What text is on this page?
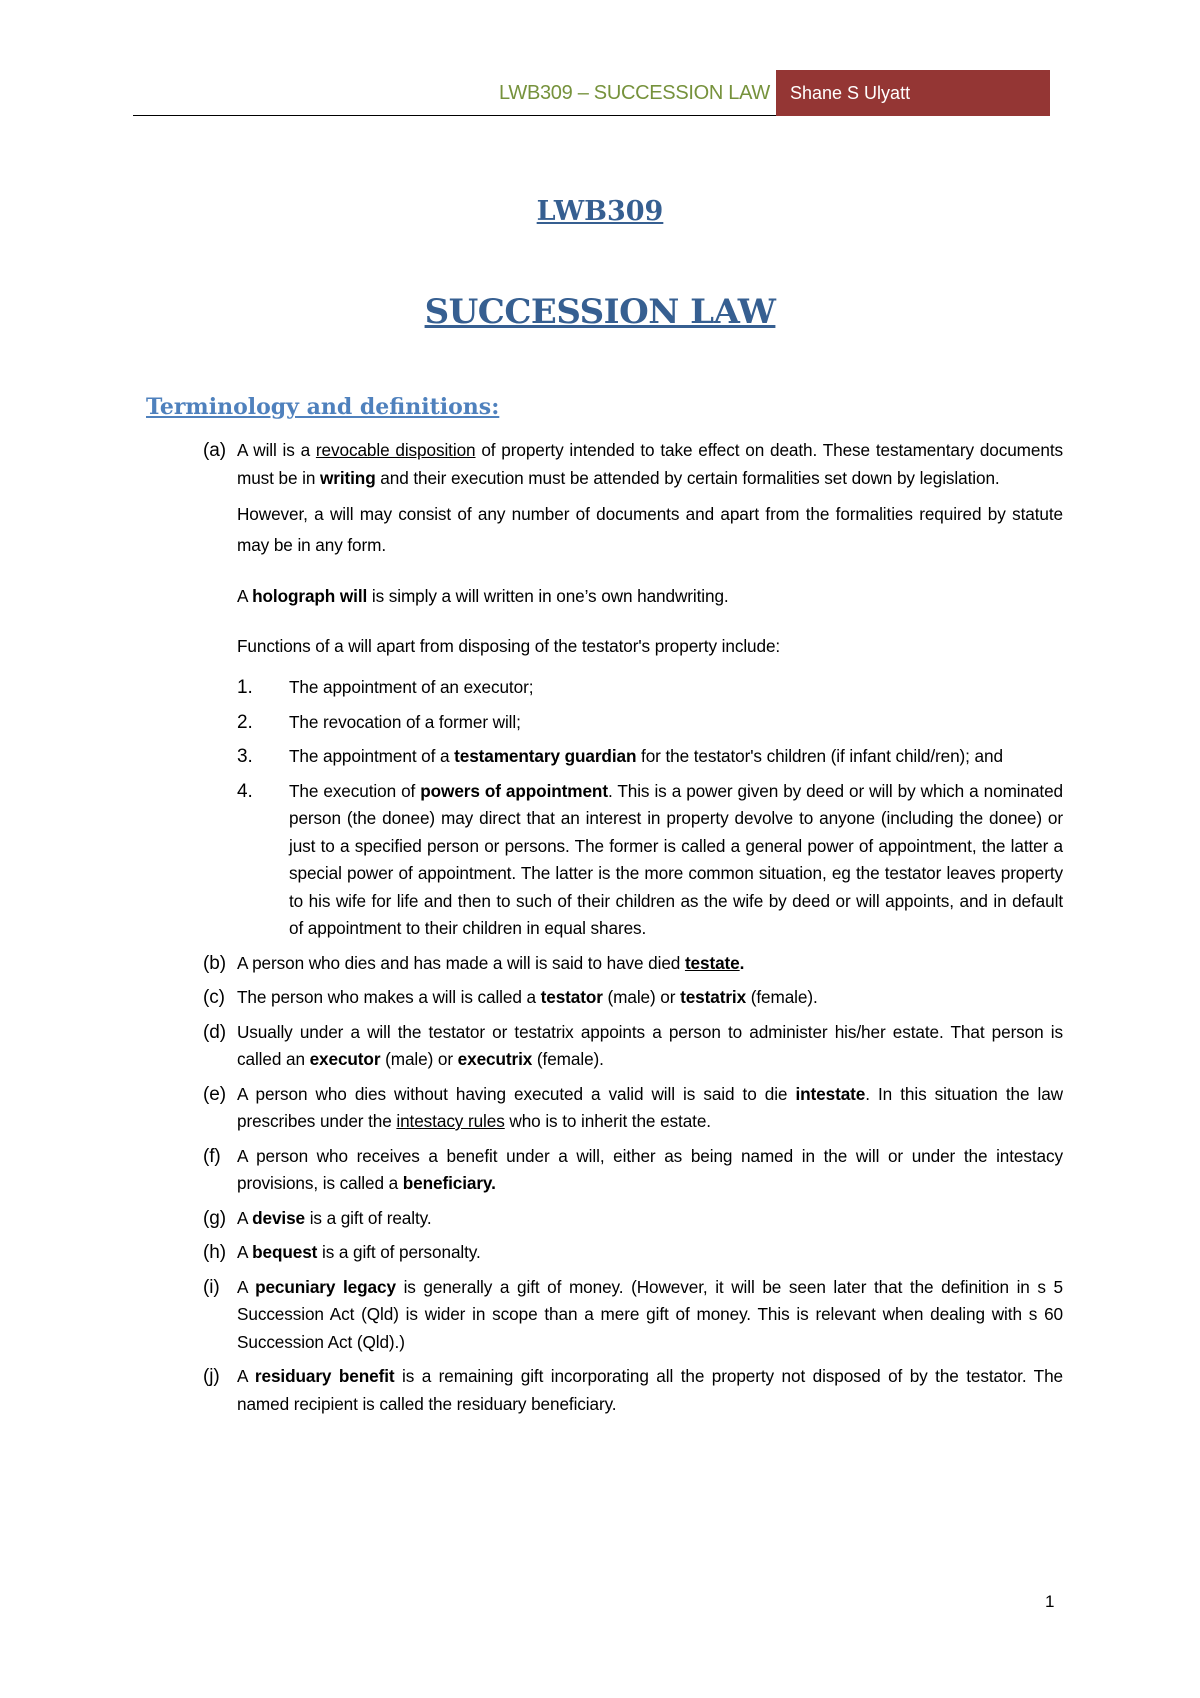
LWB309 – SUCCESSION LAW	Shane S Ulyatt
LWB309
SUCCESSION LAW
Terminology and definitions:
(a) A will is a revocable disposition of property intended to take effect on death. These testamentary documents must be in writing and their execution must be attended by certain formalities set down by legislation.
However, a will may consist of any number of documents and apart from the formalities required by statute may be in any form.
A holograph will is simply a will written in one’s own handwriting.
Functions of a will apart from disposing of the testator's property include:
1.	The appointment of an executor;
2.	The revocation of a former will;
3.	The appointment of a testamentary guardian for the testator's children (if infant child/ren); and
4.	The execution of powers of appointment. This is a power given by deed or will by which a nominated person (the donee) may direct that an interest in property devolve to anyone (including the donee) or just to a specified person or persons. The former is called a general power of appointment, the latter a special power of appointment. The latter is the more common situation, eg the testator leaves property to his wife for life and then to such of their children as the wife by deed or will appoints, and in default of appointment to their children in equal shares.
(b) A person who dies and has made a will is said to have died testate.
(c) The person who makes a will is called a testator (male) or testatrix (female).
(d) Usually under a will the testator or testatrix appoints a person to administer his/her estate. That person is called an executor (male) or executrix (female).
(e) A person who dies without having executed a valid will is said to die intestate. In this situation the law prescribes under the intestacy rules who is to inherit the estate.
(f) A person who receives a benefit under a will, either as being named in the will or under the intestacy provisions, is called a beneficiary.
(g) A devise is a gift of realty.
(h) A bequest is a gift of personalty.
(i)	A pecuniary legacy is generally a gift of money. (However, it will be seen later that the definition in s 5 Succession Act (Qld) is wider in scope than a mere gift of money. This is relevant when dealing with s 60 Succession Act (Qld).)
(j)	A residuary benefit is a remaining gift incorporating all the property not disposed of by the testator. The named recipient is called the residuary beneficiary.
1
